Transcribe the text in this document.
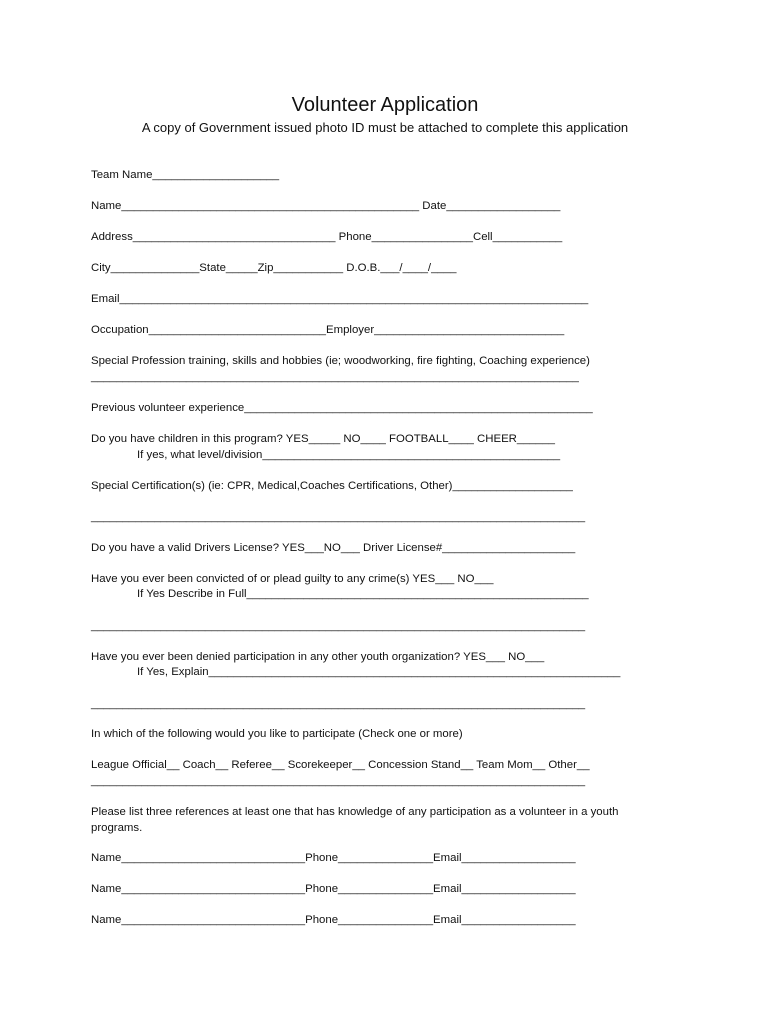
Volunteer Application
A copy of Government issued photo ID must be attached to complete this application
Team Name____________________
Name_______________________________________________ Date__________________
Address________________________________ Phone________________Cell___________
City______________State_____Zip___________ D.O.B.___/____/____
Email__________________________________________________________________________
Occupation____________________________Employer______________________________
Special Profession training, skills and hobbies (ie; woodworking, fire fighting, Coaching experience)
_____________________________________________________________________________
Previous volunteer experience_______________________________________________________
Do you have children in this program? YES_____ NO____ FOOTBALL____ CHEER______
If yes, what level/division_______________________________________________
Special Certification(s) (ie: CPR, Medical,Coaches Certifications, Other)___________________
______________________________________________________________________________
Do you have a valid Drivers License? YES___NO___ Driver License#_____________________
Have you ever been convicted of or plead guilty to any crime(s) YES___ NO___
If Yes Describe in Full______________________________________________________
______________________________________________________________________________
Have you ever been denied participation in any other youth organization? YES___ NO___
If Yes, Explain_________________________________________________________________
______________________________________________________________________________
In which of the following would you like to participate (Check one or more)
League Official__ Coach__ Referee__ Scorekeeper__ Concession Stand__ Team Mom__ Other__
______________________________________________________________________________
Please list three references at least one that has knowledge of any participation as a volunteer in a youth
programs.
Name_____________________________Phone_______________Email__________________
Name_____________________________Phone_______________Email__________________
Name_____________________________Phone_______________Email__________________
